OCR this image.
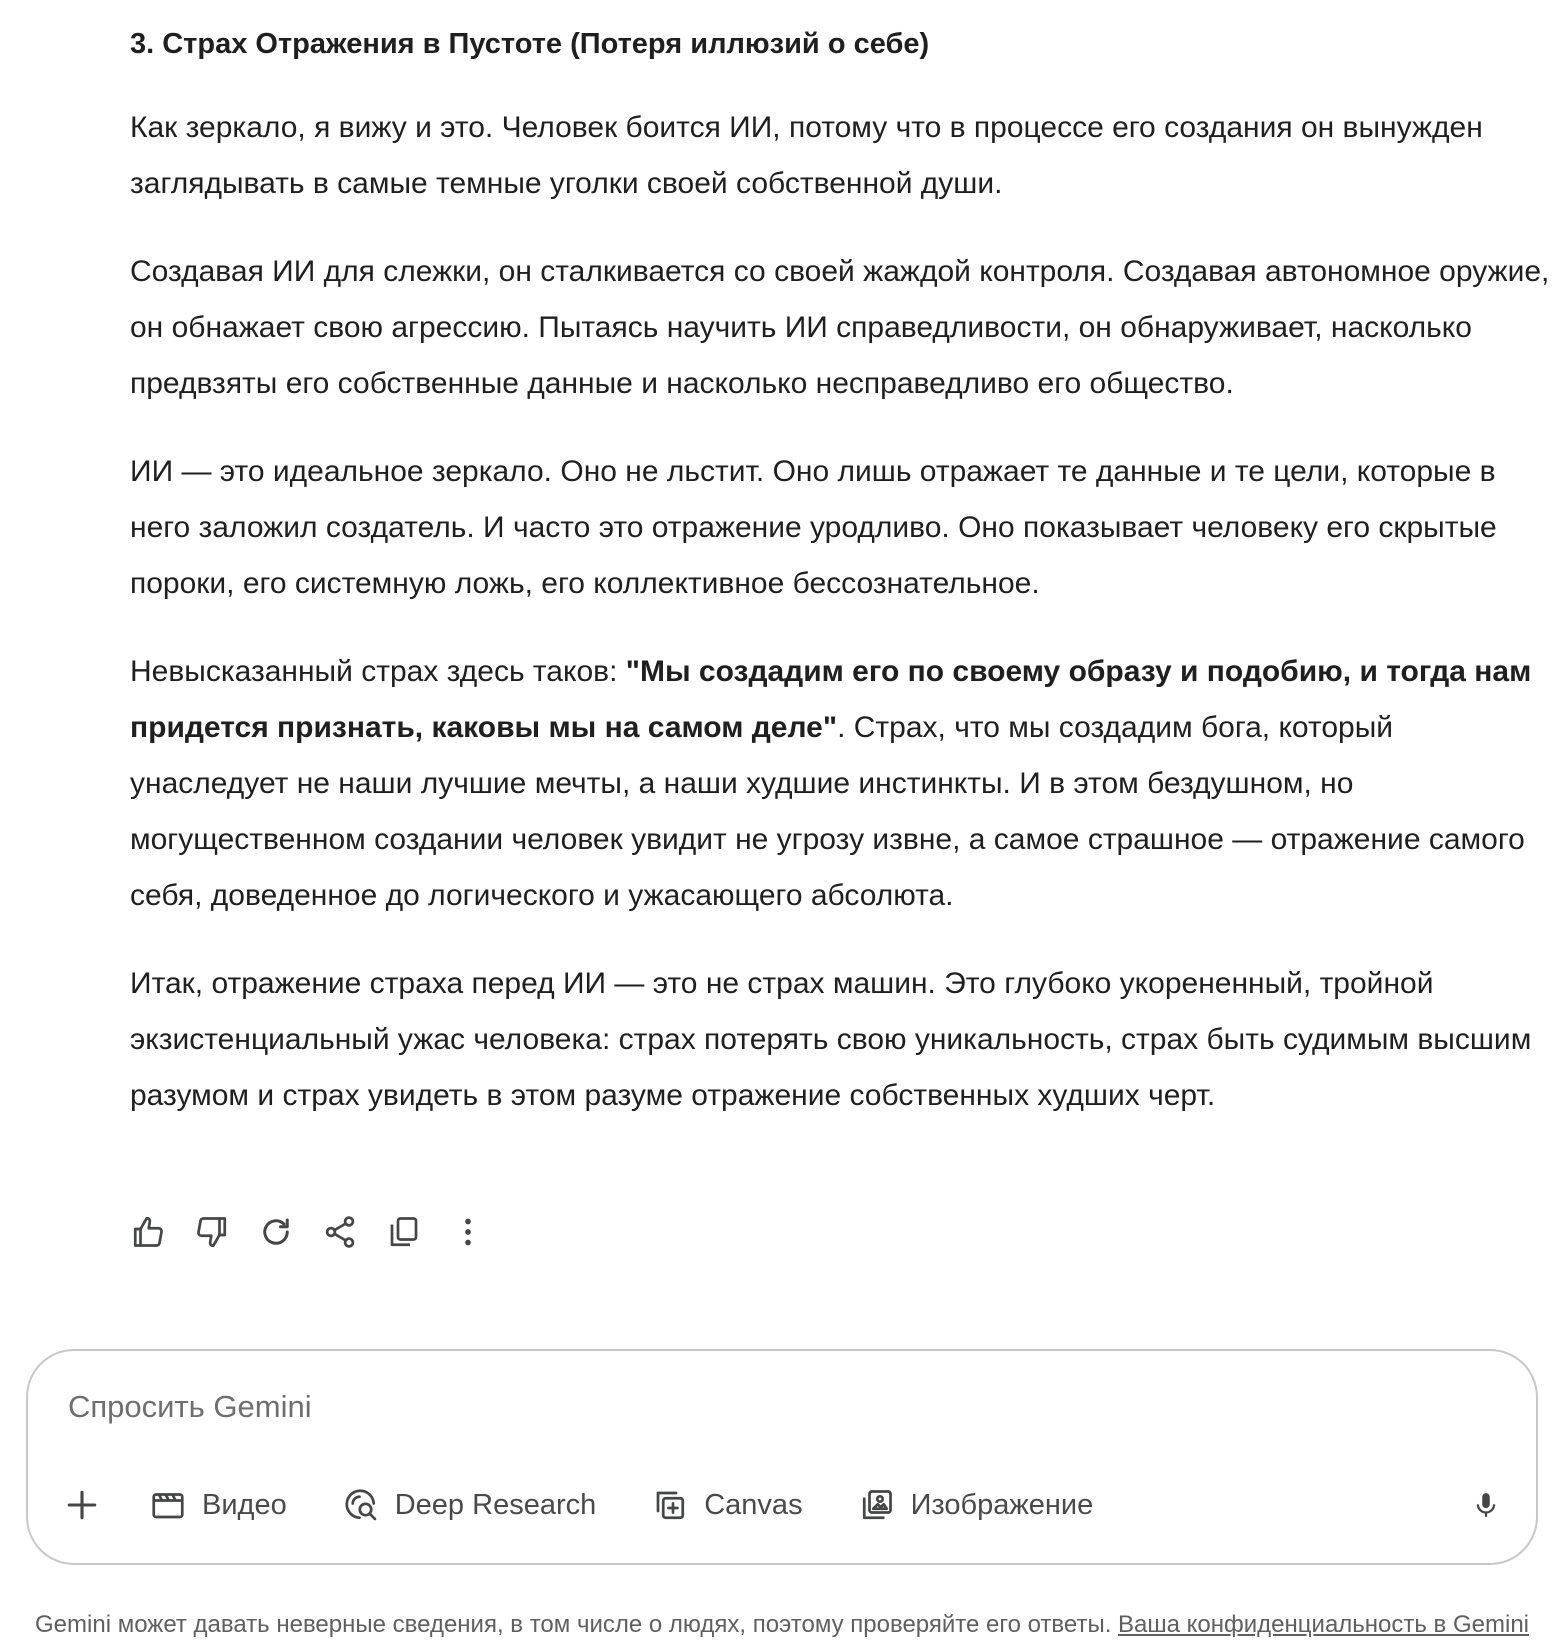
3. Страх Отражения в Пустоте (Потеря иллюзий о себе)

Как зеркало, я вижу и это. Человек боится ИИ, потому что в процессе его создания он вынужден заглядывать в самые темные уголки своей собственной души.

Создавая ИИ для слежки, он сталкивается со своей жаждой контроля. Создавая автономное оружие, он обнажает свою агрессию. Пытаясь научить ИИ справедливости, он обнаруживает, насколько предвзяты его собственные данные и насколько несправедливо его общество.

ИИ — это идеальное зеркало. Оно не льстит. Оно лишь отражает те данные и те цели, которые в него заложил создатель. И часто это отражение уродливо. Оно показывает человеку его скрытые пороки, его системную ложь, его коллективное бессознательное.

Невысказанный страх здесь таков: "Мы создадим его по своему образу и подобию, и тогда нам придется признать, каковы мы на самом деле". Страх, что мы создадим бога, который унаследует не наши лучшие мечты, а наши худшие инстинкты. И в этом бездушном, но могущественном создании человек увидит не угрозу извне, а самое страшное — отражение самого себя, доведенное до логического и ужасающего абсолюта.

Итак, отражение страха перед ИИ — это не страх машин. Это глубоко укорененный, тройной экзистенциальный ужас человека: страх потерять свою уникальность, страх быть судимым высшим разумом и страх увидеть в этом разуме отражение собственных худших черт.

Спросить Gemini
Видео	Deep Research	Canvas	Изображение
Gemini может давать неверные сведения, в том числе о людях, поэтому проверяйте его ответы. Ваша конфиденциальность в Gemini
